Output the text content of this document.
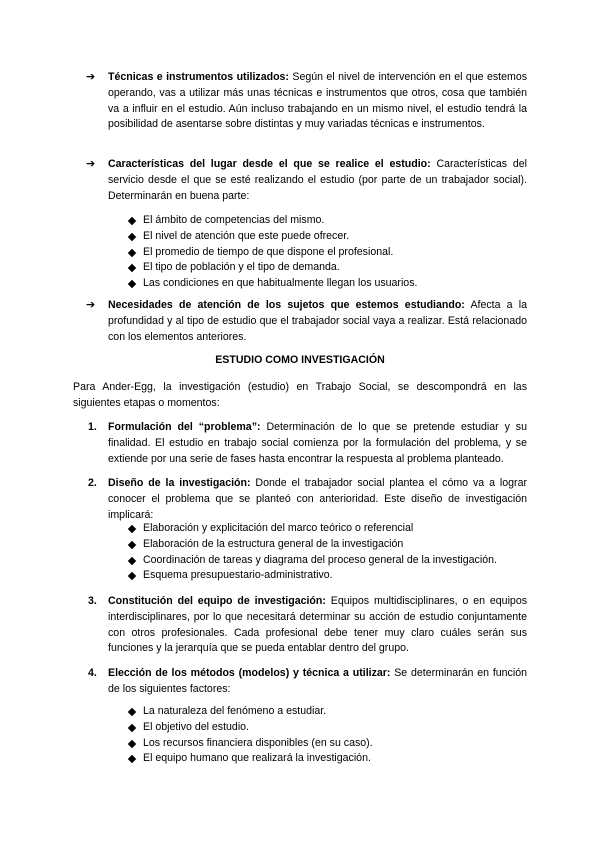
➔ Técnicas e instrumentos utilizados: Según el nivel de intervención en el que estemos operando, vas a utilizar más unas técnicas e instrumentos que otros, cosa que también va a influir en el estudio. Aún incluso trabajando en un mismo nivel, el estudio tendrá la posibilidad de asentarse sobre distintas y muy variadas técnicas e instrumentos.

➔ Características del lugar desde el que se realice el estudio: Características del servicio desde el que se esté realizando el estudio (por parte de un trabajador social). Determinarán en buena parte:

El ámbito de competencias del mismo.
El nivel de atención que este puede ofrecer.
El promedio de tiempo de que dispone el profesional.
El tipo de población y el tipo de demanda.
Las condiciones en que habitualmente llegan los usuarios.
➔ Necesidades de atención de los sujetos que estemos estudiando: Afecta a la profundidad y al tipo de estudio que el trabajador social vaya a realizar. Está relacionado con los elementos anteriores.

ESTUDIO COMO INVESTIGACIÓN

Para Ander-Egg, la investigación (estudio) en Trabajo Social, se descompondrá en las siguientes etapas o momentos:

1. Formulación del “problema”: Determinación de lo que se pretende estudiar y su finalidad. El estudio en trabajo social comienza por la formulación del problema, y se extiende por una serie de fases hasta encontrar la respuesta al problema planteado.

2. Diseño de la investigación: Donde el trabajador social plantea el cómo va a lograr conocer el problema que se planteó con anterioridad. Este diseño de investigación implicará:

Elaboración y explicitación del marco teórico o referencial
Elaboración de la estructura general de la investigación
Coordinación de tareas y diagrama del proceso general de la investigación.
Esquema presupuestario-administrativo.
3. Constitución del equipo de investigación: Equipos multidisciplinares, o en equipos interdisciplinares, por lo que necesitará determinar su acción de estudio conjuntamente con otros profesionales. Cada profesional debe tener muy claro cuáles serán sus funciones y la jerarquía que se pueda entablar dentro del grupo.

4. Elección de los métodos (modelos) y técnica a utilizar: Se determinarán en función de los siguientes factores:

La naturaleza del fenómeno a estudiar.
El objetivo del estudio.
Los recursos financiera disponibles (en su caso).
El equipo humano que realizará la investigación.
